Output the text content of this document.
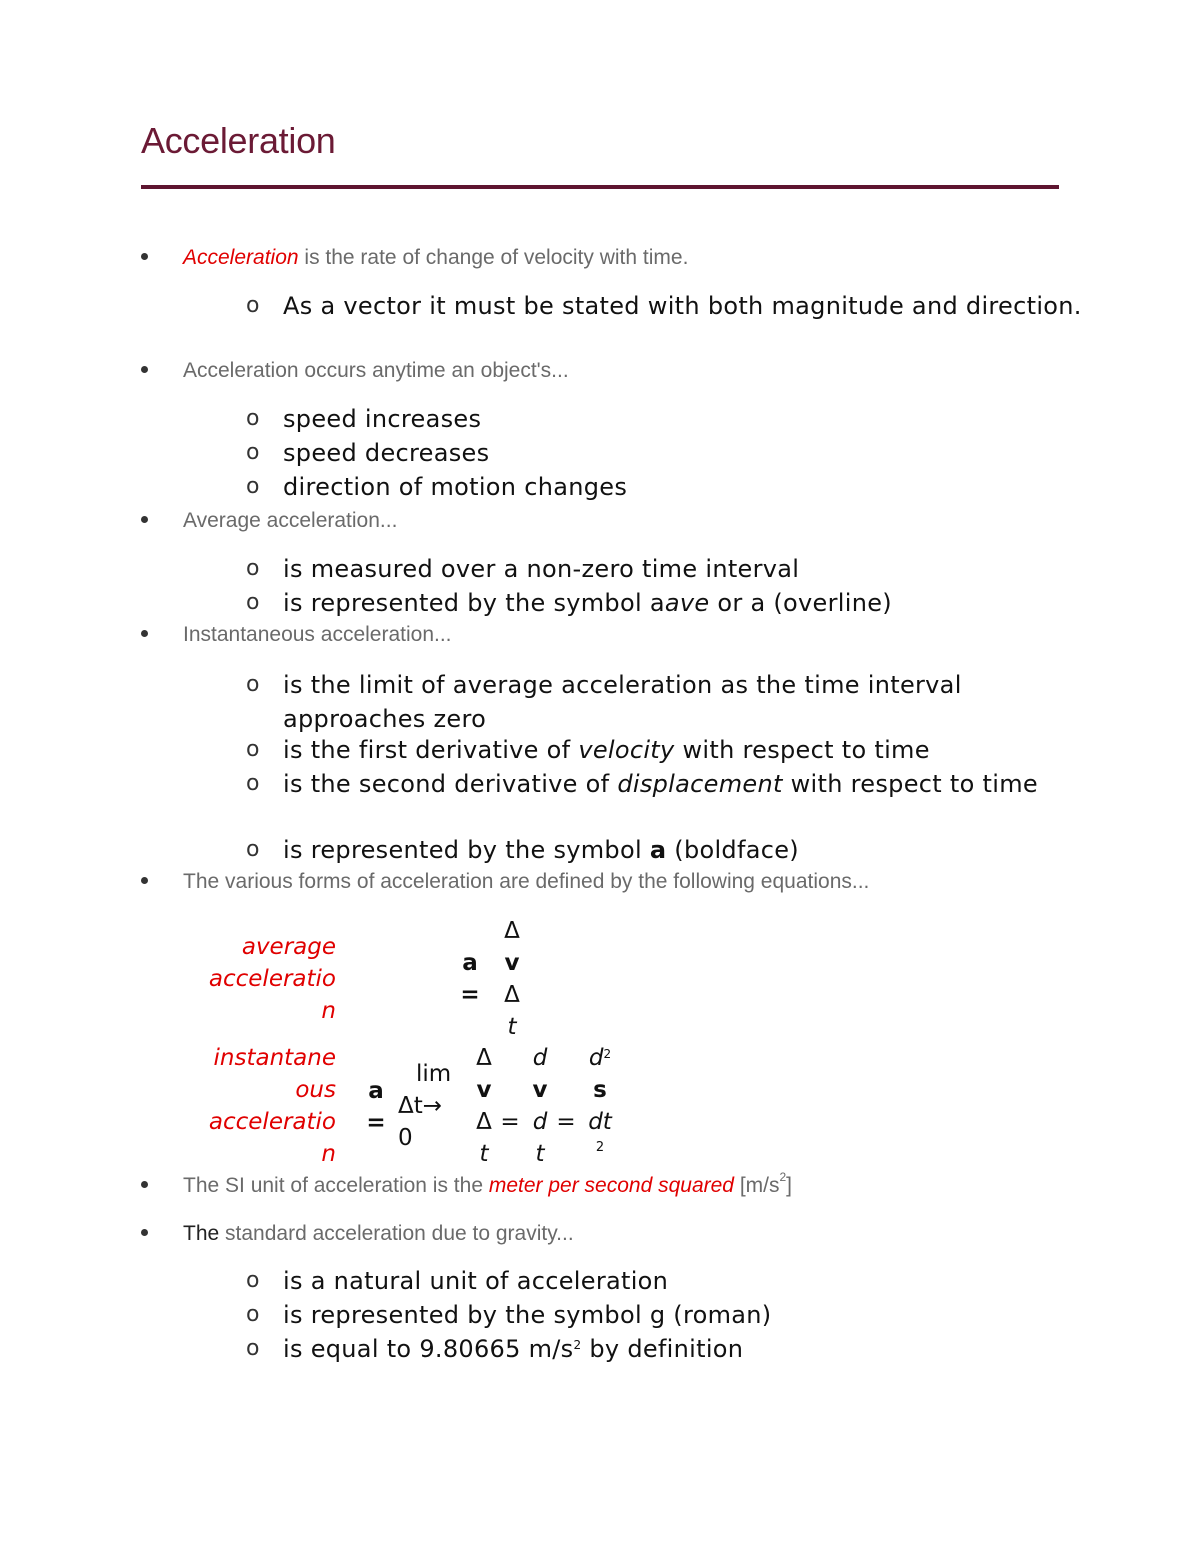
Acceleration
Acceleration is the rate of change of velocity with time.
o As a vector it must be stated with both magnitude and direction.
Acceleration occurs anytime an object's...
o speed increases
o speed decreases
o direction of motion changes
Average acceleration...
o is measured over a non-zero time interval
o is represented by the symbol aave or a (overline)
Instantaneous acceleration...
o is the limit of average acceleration as the time interval approaches zero
o is the first derivative of velocity with respect to time
o is the second derivative of displacement with respect to time
o is represented by the symbol a (boldface)
The various forms of acceleration are defined by the following equations...
average
acceleratio
n
a
=
Δ
v
Δ
t
instantane
ous
acceleratio
n
a
=
lim
Δt→
0
Δ
v
Δ
t
=
d
v
d
t
=
$d^2$
s
dt
2
The SI unit of acceleration is the meter per second squared $[m/s^2]$
The standard acceleration due to gravity...
o is a natural unit of acceleration
o is represented by the symbol g (roman)
o is equal to 9.80665 $m/s^2$ by definition
